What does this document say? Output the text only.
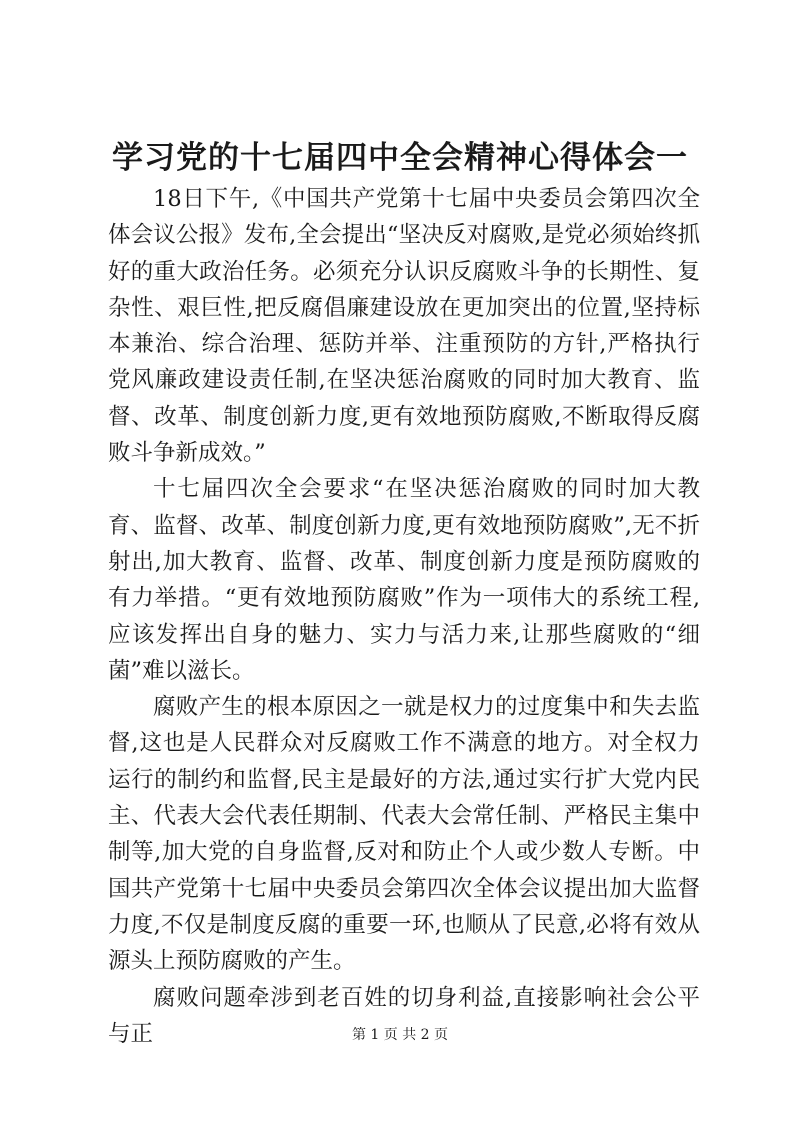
学习党的十七届四中全会精神心得体会一

18日下午,《中国共产党第十七届中央委员会第四次全体会议公报》发布,全会提出“坚决反对腐败,是党必须始终抓好的重大政治任务。必须充分认识反腐败斗争的长期性、复杂性、艰巨性,把反腐倡廉建设放在更加突出的位置,坚持标本兼治、综合治理、惩防并举、注重预防的方针,严格执行党风廉政建设责任制,在坚决惩治腐败的同时加大教育、监督、改革、制度创新力度,更有效地预防腐败,不断取得反腐败斗争新成效。”

十七届四次全会要求“在坚决惩治腐败的同时加大教育、监督、改革、制度创新力度,更有效地预防腐败”,无不折射出,加大教育、监督、改革、制度创新力度是预防腐败的有力举措。“更有效地预防腐败”作为一项伟大的系统工程,应该发挥出自身的魅力、实力与活力来,让那些腐败的“细菌”难以滋长。

腐败产生的根本原因之一就是权力的过度集中和失去监督,这也是人民群众对反腐败工作不满意的地方。对全权力运行的制约和监督,民主是最好的方法,通过实行扩大党内民主、代表大会代表任期制、代表大会常任制、严格民主集中制等,加大党的自身监督,反对和防止个人或少数人专断。中国共产党第十七届中央委员会第四次全体会议提出加大监督力度,不仅是制度反腐的重要一环,也顺从了民意,必将有效从源头上预防腐败的产生。

腐败问题牵涉到老百姓的切身利益,直接影响社会公平与正	第 1 页 共 2 页
